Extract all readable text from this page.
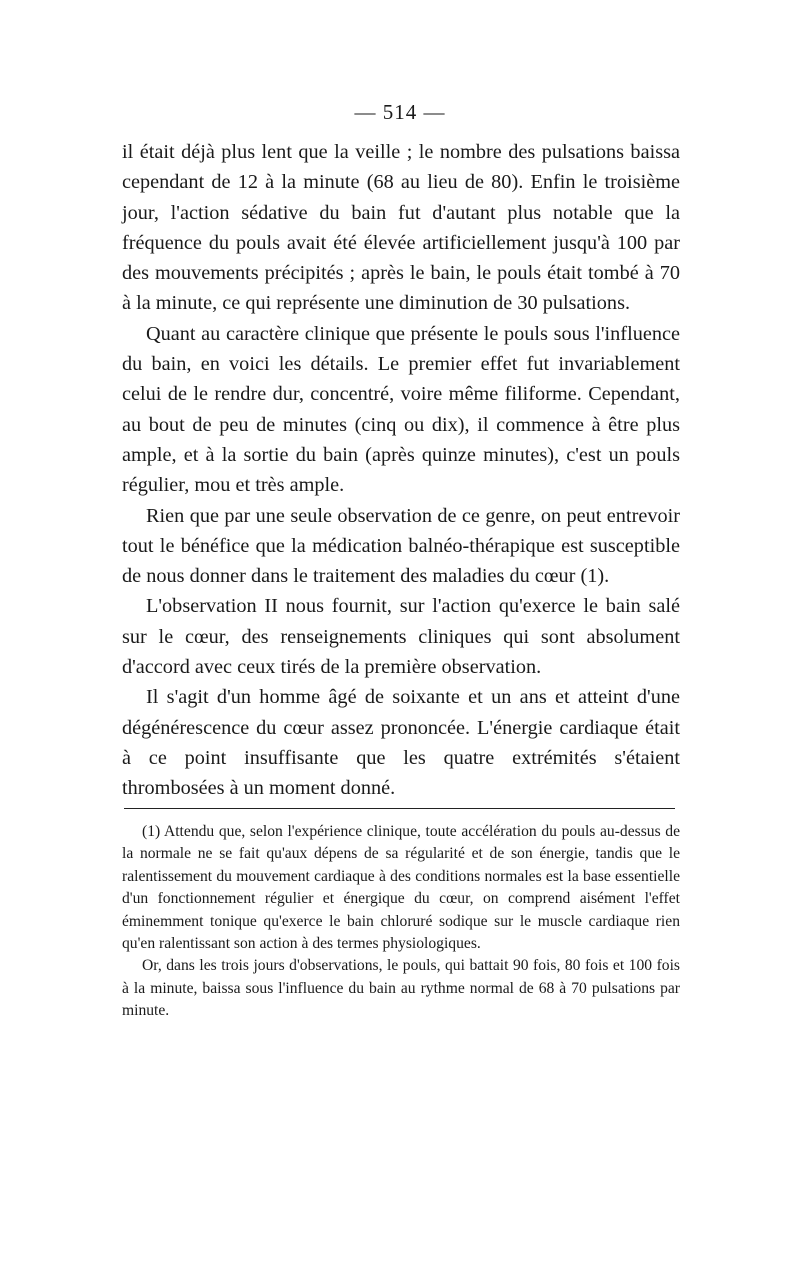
— 514 —

il était déjà plus lent que la veille ; le nombre des pulsations baissa cependant de 12 à la minute (68 au lieu de 80). Enfin le troisième jour, l'action sédative du bain fut d'autant plus notable que la fréquence du pouls avait été élevée artificiellement jusqu'à 100 par des mouvements précipités ; après le bain, le pouls était tombé à 70 à la minute, ce qui représente une diminution de 30 pulsations.

Quant au caractère clinique que présente le pouls sous l'influence du bain, en voici les détails. Le premier effet fut invariablement celui de le rendre dur, concentré, voire même filiforme. Cependant, au bout de peu de minutes (cinq ou dix), il commence à être plus ample, et à la sortie du bain (après quinze minutes), c'est un pouls régulier, mou et très ample.

Rien que par une seule observation de ce genre, on peut entrevoir tout le bénéfice que la médication balnéo-thérapique est susceptible de nous donner dans le traitement des maladies du cœur (1).

L'observation II nous fournit, sur l'action qu'exerce le bain salé sur le cœur, des renseignements cliniques qui sont absolument d'accord avec ceux tirés de la première observation.

Il s'agit d'un homme âgé de soixante et un ans et atteint d'une dégénérescence du cœur assez prononcée. L'énergie cardiaque était à ce point insuffisante que les quatre extrémités s'étaient thrombosées à un moment donné.

(1) Attendu que, selon l'expérience clinique, toute accélération du pouls au-dessus de la normale ne se fait qu'aux dépens de sa régularité et de son énergie, tandis que le ralentissement du mouvement cardiaque à des conditions normales est la base essentielle d'un fonctionnement régulier et énergique du cœur, on comprend aisément l'effet éminemment tonique qu'exerce le bain chloruré sodique sur le muscle cardiaque rien qu'en ralentissant son action à des termes physiologiques.

Or, dans les trois jours d'observations, le pouls, qui battait 90 fois, 80 fois et 100 fois à la minute, baissa sous l'influence du bain au rythme normal de 68 à 70 pulsations par minute.
